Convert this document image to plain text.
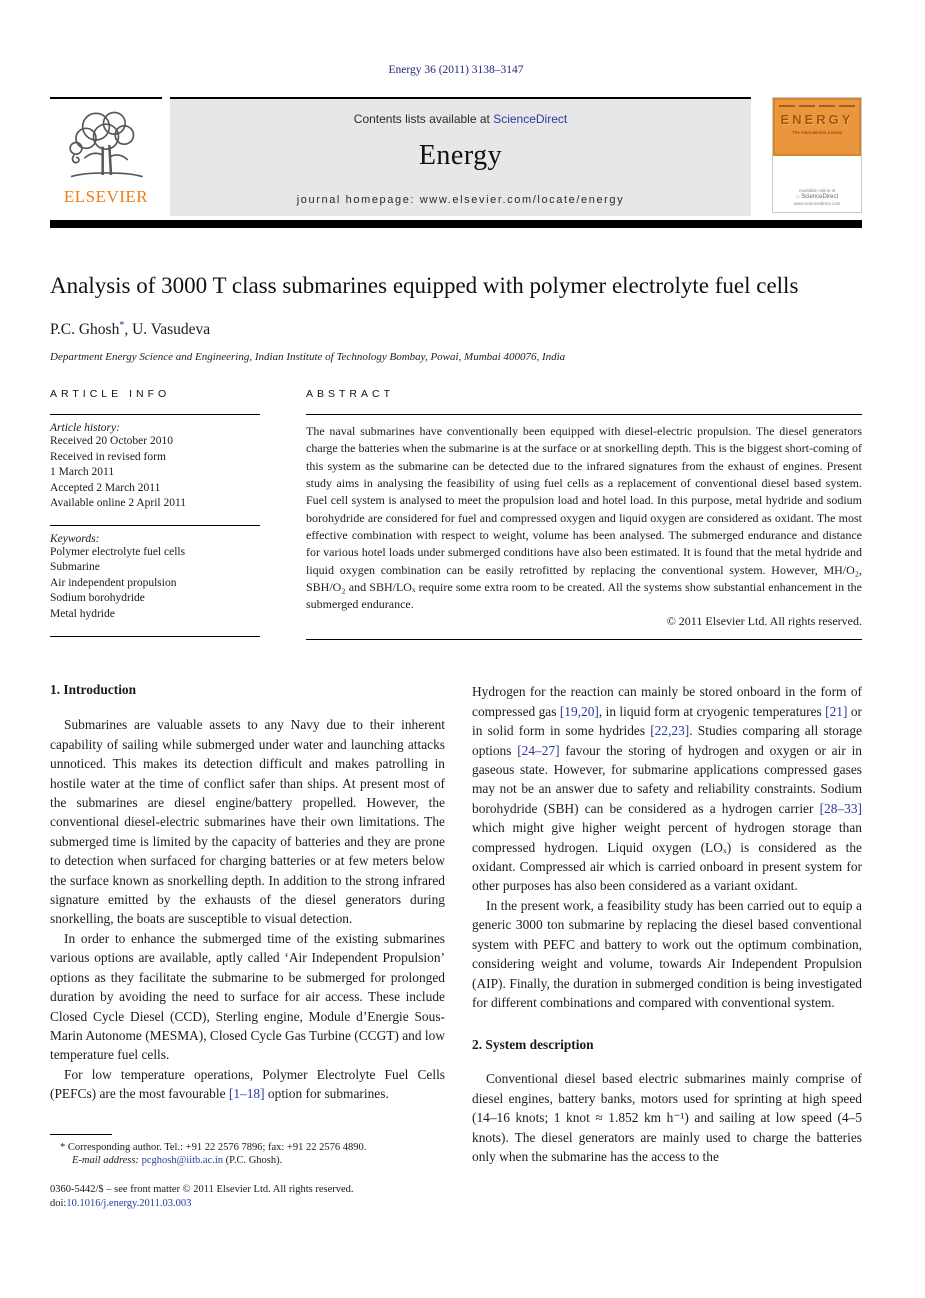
Energy 36 (2011) 3138–3147
ELSEVIER
Contents lists available at ScienceDirect
Energy
journal homepage: www.elsevier.com/locate/energy
ENERGY
The International Journal
Available online at
◇ ScienceDirect
www.sciencedirect.com
Analysis of 3000 T class submarines equipped with polymer electrolyte fuel cells
P.C. Ghosh*, U. Vasudeva
Department Energy Science and Engineering, Indian Institute of Technology Bombay, Powai, Mumbai 400076, India
ARTICLE INFO
Article history:
Received 20 October 2010
Received in revised form
1 March 2011
Accepted 2 March 2011
Available online 2 April 2011
Keywords:
Polymer electrolyte fuel cells
Submarine
Air independent propulsion
Sodium borohydride
Metal hydride
ABSTRACT
The naval submarines have conventionally been equipped with diesel-electric propulsion. The diesel generators charge the batteries when the submarine is at the surface or at snorkelling depth. This is the biggest short-coming of this system as the submarine can be detected due to the infrared signatures from the exhaust of engines. Present study aims in analysing the feasibility of using fuel cells as a replacement of conventional diesel based system. Fuel cell system is analysed to meet the propulsion load and hotel load. In this purpose, metal hydride and sodium borohydride are considered for fuel and compressed oxygen and liquid oxygen are considered as oxidant. The most effective combination with respect to weight, volume has been analysed. The submerged endurance and distance for various hotel loads under submerged conditions have also been estimated. It is found that the metal hydride and liquid oxygen combination can be easily retrofitted by replacing the conventional system. However, MH/O₂, SBH/O₂ and SBH/LOₓ require some extra room to be created. All the systems show substantial enhancement in the submerged endurance.
© 2011 Elsevier Ltd. All rights reserved.
1. Introduction

Submarines are valuable assets to any Navy due to their inherent capability of sailing while submerged under water and launching attacks unnoticed. This makes its detection difficult and makes patrolling in hostile water at the time of conflict safer than ships. At present most of the submarines are diesel engine/battery propelled. However, the conventional diesel-electric submarines have their own limitations. The submerged time is limited by the capacity of batteries and they are prone to detection when surfaced for charging batteries or at few meters below the surface known as snorkelling depth. In addition to the strong infrared signature emitted by the exhausts of the diesel generators during snorkelling, the boats are susceptible to visual detection.

In order to enhance the submerged time of the existing submarines various options are available, aptly called ‘Air Independent Propulsion’ options as they facilitate the submarine to be submerged for prolonged duration by avoiding the need to surface for air access. These include Closed Cycle Diesel (CCD), Sterling engine, Module d’Energie Sous-Marin Autonome (MESMA), Closed Cycle Gas Turbine (CCGT) and low temperature fuel cells.

For low temperature operations, Polymer Electrolyte Fuel Cells (PEFCs) are the most favourable [1–18] option for submarines.

* Corresponding author. Tel.: +91 22 2576 7896; fax: +91 22 2576 4890.
E-mail address: pcghosh@iitb.ac.in (P.C. Ghosh).
0360-5442/$ – see front matter © 2011 Elsevier Ltd. All rights reserved.
doi:10.1016/j.energy.2011.03.003

Hydrogen for the reaction can mainly be stored onboard in the form of compressed gas [19,20], in liquid form at cryogenic temperatures [21] or in solid form in some hydrides [22,23]. Studies comparing all storage options [24–27] favour the storing of hydrogen and oxygen or air in gaseous state. However, for submarine applications compressed gases may not be an answer due to safety and reliability constraints. Sodium borohydride (SBH) can be considered as a hydrogen carrier [28–33] which might give higher weight percent of hydrogen storage than compressed hydrogen. Liquid oxygen (LOₓ) is considered as the oxidant. Compressed air which is carried onboard in present system for other purposes has also been considered as a variant oxidant.

In the present work, a feasibility study has been carried out to equip a generic 3000 ton submarine by replacing the diesel based conventional system with PEFC and battery to work out the optimum combination, considering weight and volume, towards Air Independent Propulsion (AIP). Finally, the duration in submerged condition is being investigated for different combinations and compared with conventional system.

2. System description

Conventional diesel based electric submarines mainly comprise of diesel engines, battery banks, motors used for sprinting at high speed (14–16 knots; 1 knot ≈ 1.852 km h⁻¹) and sailing at low speed (4–5 knots). The diesel generators are mainly used to charge the batteries only when the submarine has the access to the
